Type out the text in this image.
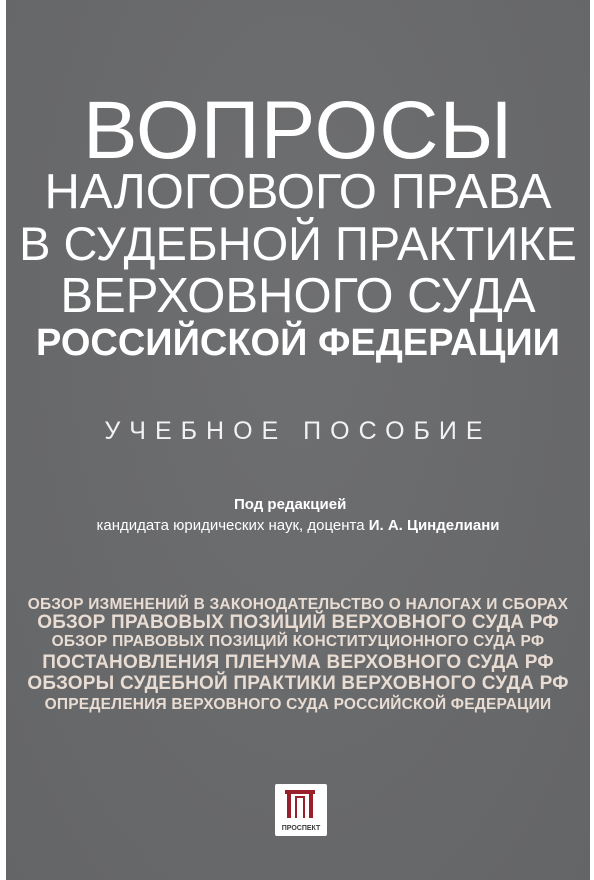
ВОПРОСЫ
НАЛОГОВОГО ПРАВА
В СУДЕБНОЙ ПРАКТИКЕ
ВЕРХОВНОГО СУДА
РОССИЙСКОЙ ФЕДЕРАЦИИ
УЧЕБНОЕ ПОСОБИЕ
Под редакцией
кандидата юридических наук, доцента И. А. Цинделиани
ОБЗОР ИЗМЕНЕНИЙ В ЗАКОНОДАТЕЛЬСТВО О НАЛОГАХ И СБОРАХ
ОБЗОР ПРАВОВЫХ ПОЗИЦИЙ ВЕРХОВНОГО СУДА РФ
ОБЗОР ПРАВОВЫХ ПОЗИЦИЙ КОНСТИТУЦИОННОГО СУДА РФ
ПОСТАНОВЛЕНИЯ ПЛЕНУМА ВЕРХОВНОГО СУДА РФ
ОБЗОРЫ СУДЕБНОЙ ПРАКТИКИ ВЕРХОВНОГО СУДА РФ
ОПРЕДЕЛЕНИЯ ВЕРХОВНОГО СУДА РОССИЙСКОЙ ФЕДЕРАЦИИ
ПРОСПЕКТ
